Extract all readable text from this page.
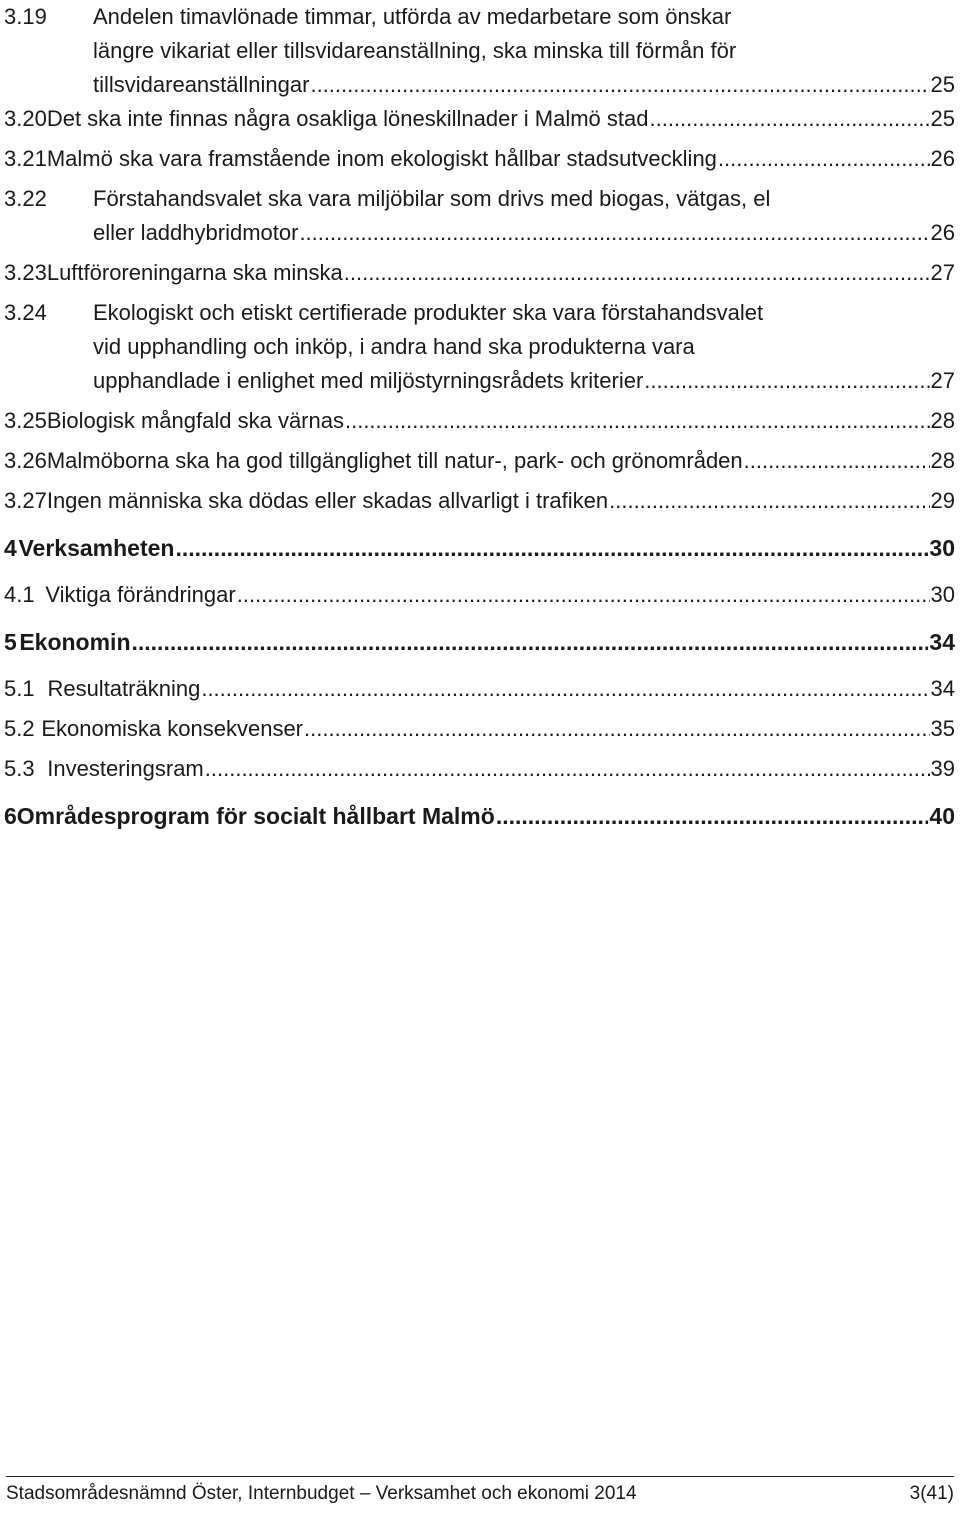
3.19	Andelen timavlönade timmar, utförda av medarbetare som önskar
längre vikariat eller tillsvidareanställning, ska minska till förmån för
tillsvidareanställningar .....	25
3.20 Det ska inte finnas några osakliga löneskillnader i Malmö stad .....	25
3.21 Malmö ska vara framstående inom ekologiskt hållbar stadsutveckling .....	26
3.22	Förstahandsvalet ska vara miljöbilar som drivs med biogas, vätgas, el
eller laddhybridmotor .....	26
3.23 Luftföroreningarna ska minska .....	27
3.24	Ekologiskt och etiskt certifierade produkter ska vara förstahandsvalet
vid upphandling och inköp, i andra hand ska produkterna vara
upphandlade i enlighet med miljöstyrningsrådets kriterier .....	27
3.25 Biologisk mångfald ska värnas .....	28
3.26 Malmöborna ska ha god tillgänglighet till natur-, park- och grönområden .....	28
3.27 Ingen människa ska dödas eller skadas allvarligt i trafiken .....	29
4 Verksamheten .....	30
4.1 Viktiga förändringar .....	30
5 Ekonomin .....	34
5.1 Resultaträkning .....	34
5.2 Ekonomiska konsekvenser .....	35
5.3 Investeringsram .....	39
6 Områdesprogram för socialt hållbart Malmö .....	40
Stadsområdesnämnd Öster, Internbudget – Verksamhet och ekonomi 2014	3(41)
